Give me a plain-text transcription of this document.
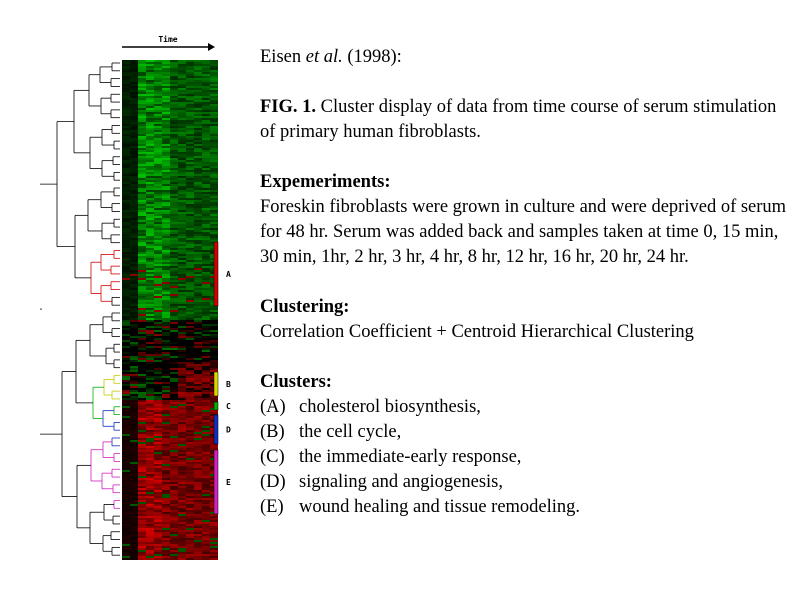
Time
A
B
C
D
E
Eisen et al. (1998):
FIG. 1. Cluster display of data from time course of serum stimulation of primary human fibroblasts.
Expemeriments:
Foreskin fibroblasts were grown in culture and were deprived of serum for 48 hr. Serum was added back and samples taken at time 0, 15 min, 30 min, 1hr, 2 hr, 3 hr, 4 hr, 8 hr, 12 hr, 16 hr, 20 hr, 24 hr.
Clustering:
Correlation Coefficient + Centroid Hierarchical Clustering
Clusters:
(A) cholesterol biosynthesis,
(B) the cell cycle,
(C) the immediate-early response,
(D) signaling and angiogenesis,
(E) wound healing and tissue remodeling.
